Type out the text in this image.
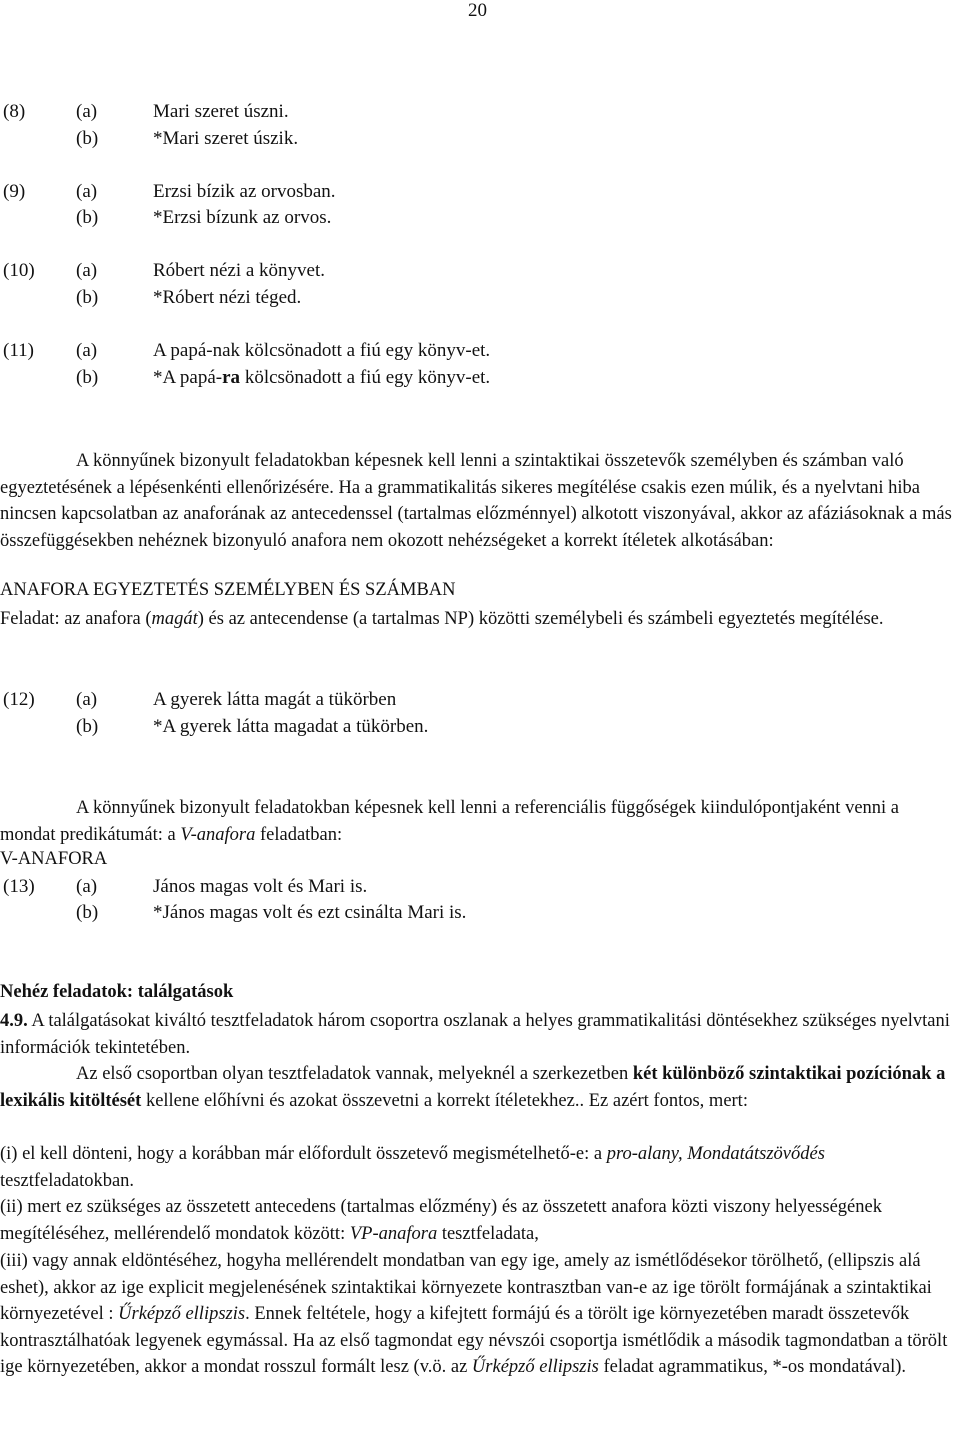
20
(8)	(a)	Mari szeret úszni.
(b)	*Mari szeret úszik.
(9)	(a)	Erzsi bízik az orvosban.
(b)	*Erzsi bízunk az orvos.
(10) (a)	Róbert nézi a könyvet.
(b)	*Róbert nézi téged.
(11) (a)	A papá-nak kölcsönadott a fiú egy könyv-et.
(b)	*A papá-ra kölcsönadott a fiú egy könyv-et.

A könnyűnek bizonyult feladatokban képesnek kell lenni a szintaktikai összetevők személyben és számban való egyeztetésének a lépésenkénti ellenőrizésére. Ha a grammatikalitás sikeres megítélése csakis ezen múlik, és a nyelvtani hiba nincsen kapcsolatban az anaforának az antecedenssel (tartalmas előzménnyel) alkotott viszonyával, akkor az afáziásoknak a más összefüggésekben nehéznek bizonyuló anafora nem okozott nehézségeket a korrekt ítéletek alkotásában:

ANAFORA EGYEZTETÉS SZEMÉLYBEN ÉS SZÁMBAN

Feladat: az anafora (magát) és az antecendense (a tartalmas NP) közötti személybeli és számbeli egyeztetés megítélése.

(12) (a)	A gyerek látta magát a tükörben
(b)	*A gyerek látta magadat a tükörben.

A könnyűnek bizonyult feladatokban képesnek kell lenni a referenciális függőségek kiindulópontjaként venni a mondat predikátumát: a V-anafora feladatban:

V-ANAFORA
(13) (a)	János magas volt és Mari is.
(b)	*János magas volt és ezt csinálta Mari is.
Nehéz feladatok: találgatások

4.9. A találgatásokat kiváltó tesztfeladatok három csoportra oszlanak a helyes grammatikalitási döntésekhez szükséges nyelvtani információk tekintetében.

Az első csoportban olyan tesztfeladatok vannak, melyeknél a szerkezetben két különböző szintaktikai pozíciónak a lexikális kitöltését kellene előhívni és azokat összevetni a korrekt ítéletekhez.. Ez azért fontos, mert:

(i) el kell dönteni, hogy a korábban már előfordult összetevő megismételhető-e: a pro-alany, Mondatátszövődés tesztfeladatokban.

(ii) mert ez szükséges az összetett antecedens (tartalmas előzmény) és az összetett anafora közti viszony helyességének megítéléséhez, mellérendelő mondatok között: VP-anafora tesztfeladata,

(iii) vagy annak eldöntéséhez, hogyha mellérendelt mondatban van egy ige, amely az ismétlődésekor törölhető, (ellipszis alá eshet), akkor az ige explicit megjelenésének szintaktikai környezete kontrasztban van-e az ige törölt formájának a szintaktikai környezetével : Űrképző ellipszis. Ennek feltétele, hogy a kifejtett formájú és a törölt ige környezetében maradt összetevők kontrasztálhatóak legyenek egymással. Ha az első tagmondat egy névszói csoportja ismétlődik a második tagmondatban a törölt ige környezetében, akkor a mondat rosszul formált lesz (v.ö. az Űrképző ellipszis feladat agrammatikus, *-os mondatával).
